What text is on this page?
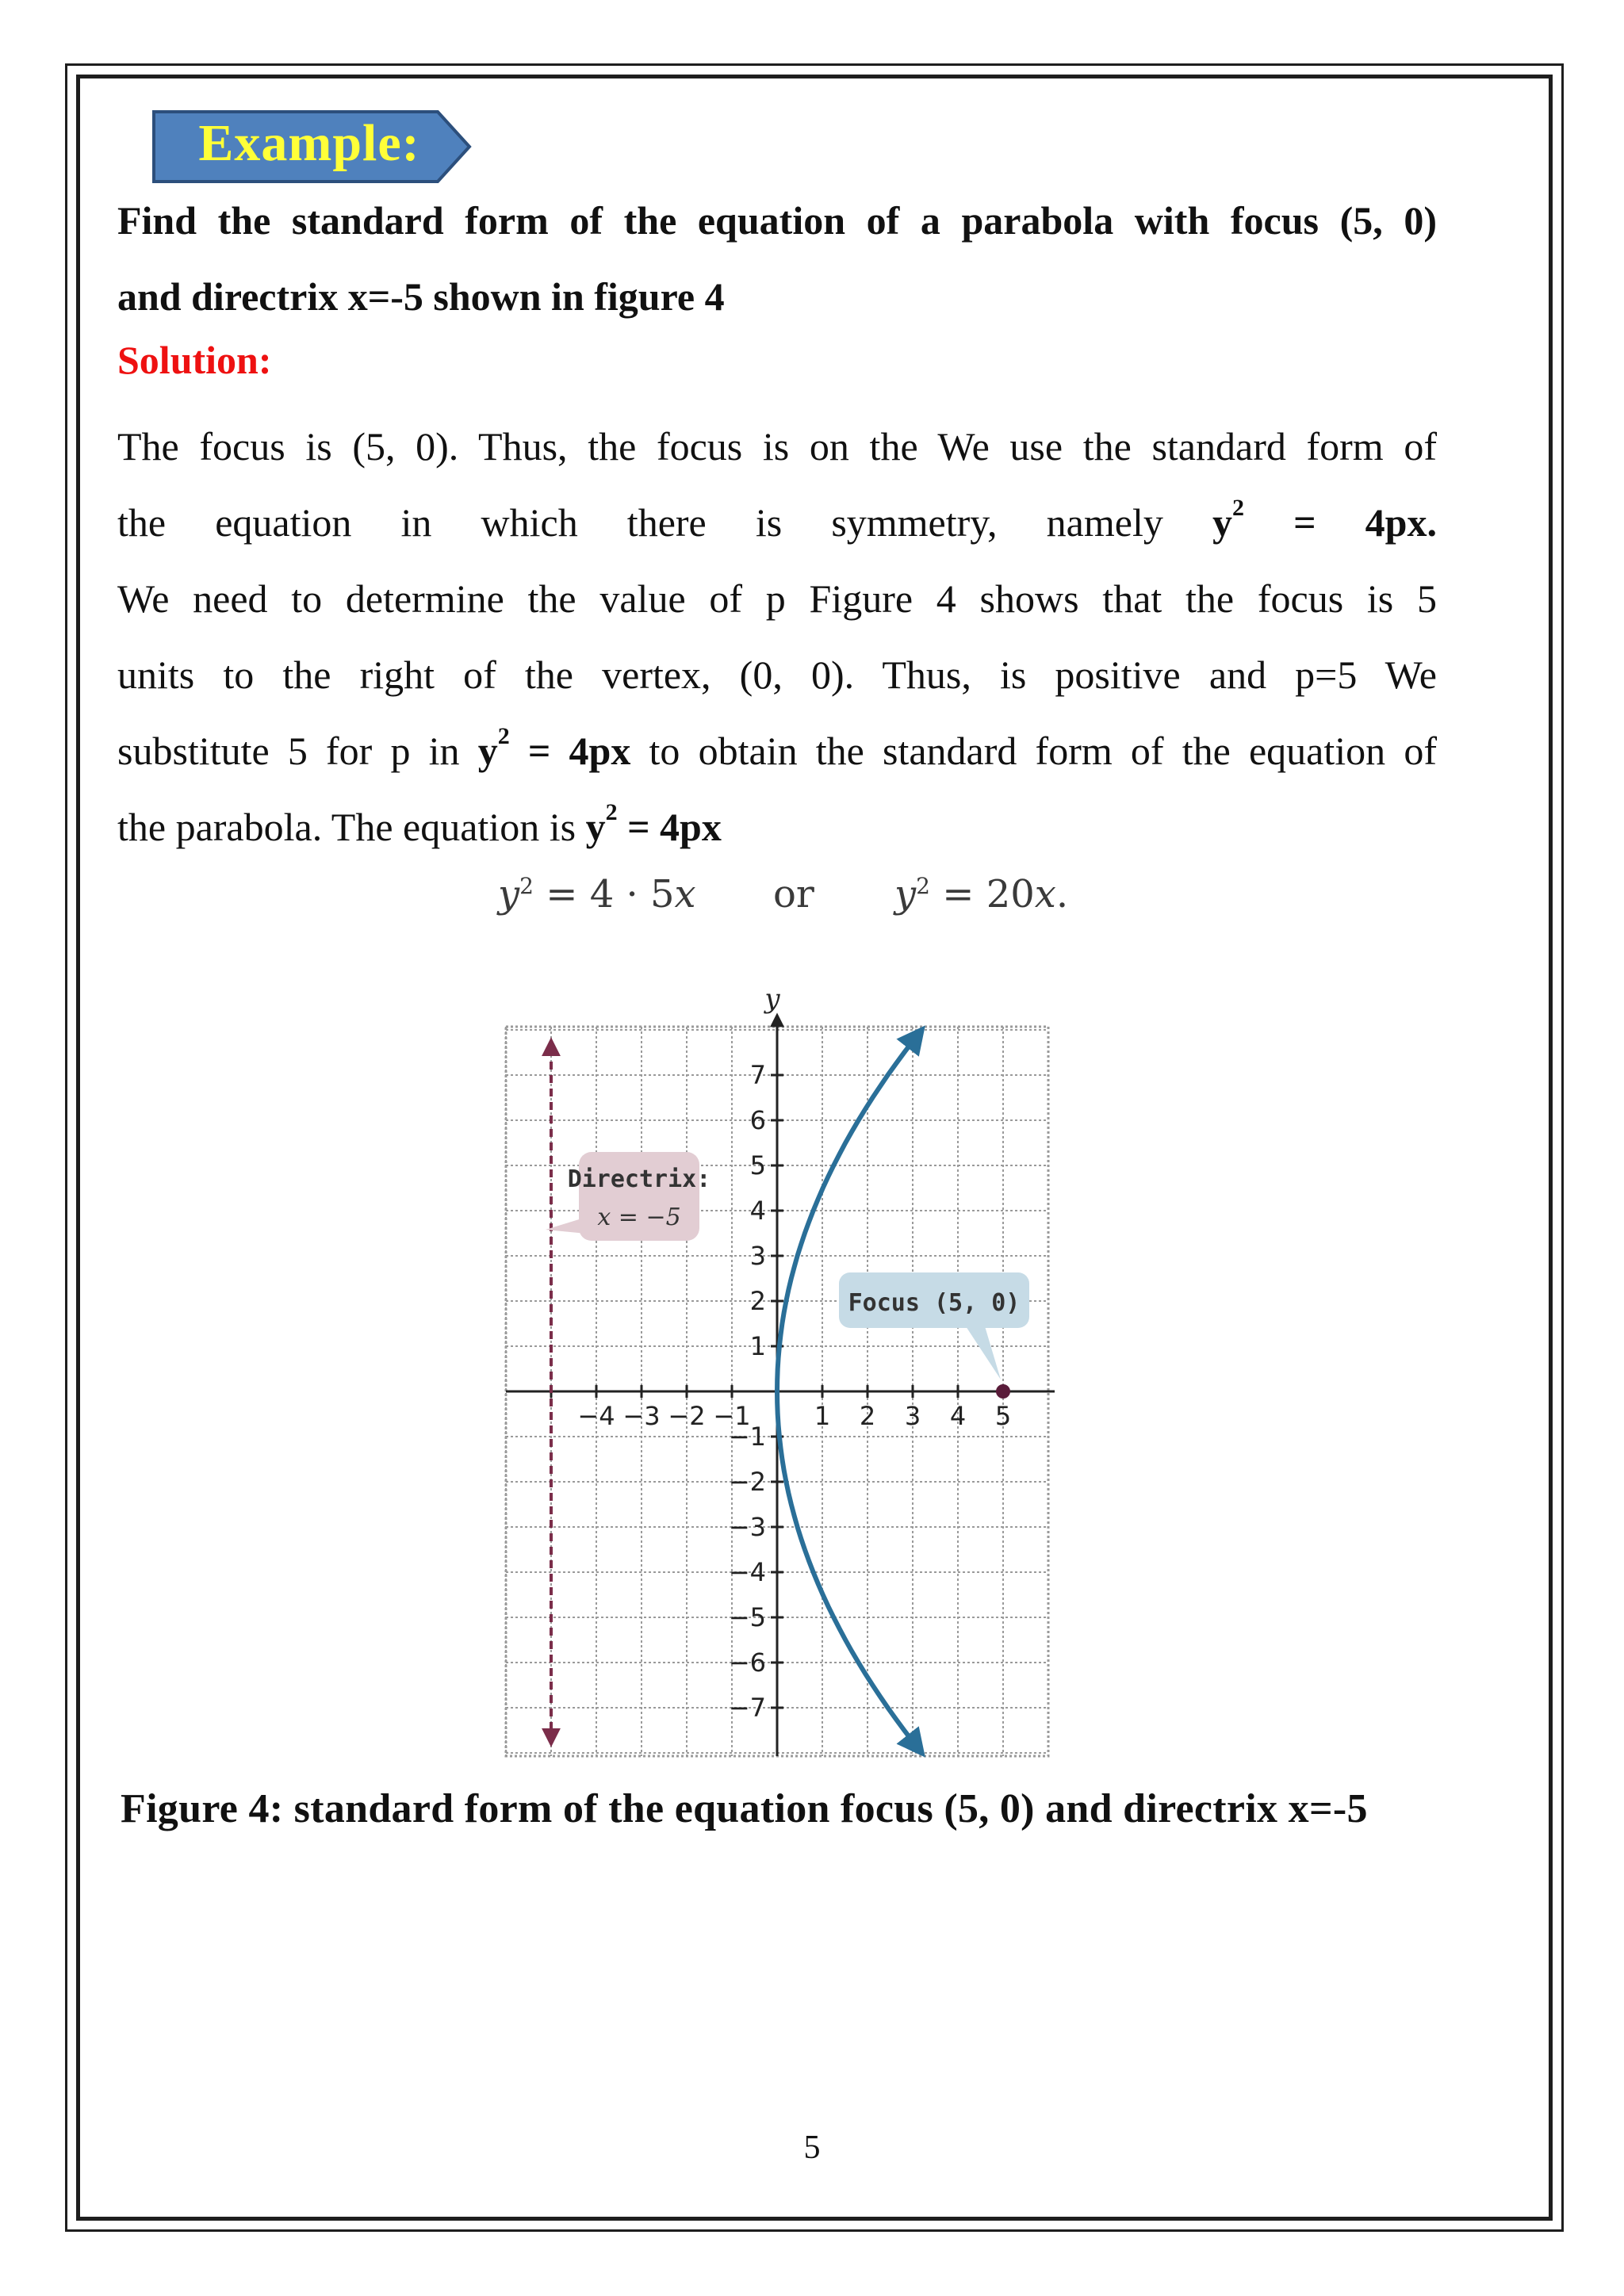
Example:
Find the standard form of the equation of a parabola with focus (5, 0)
and directrix x=-5 shown in figure 4
Solution:
The focus is (5, 0). Thus, the focus is on the We use the standard form of
the equation in which there is symmetry, namely $y^2 = 4px$.
We need to determine the value of p Figure 4 shows that the focus is 5
units to the right of the vertex, (0, 0). Thus, is positive and p=5 We
substitute 5 for p in $y^2 = 4px$ to obtain the standard form of the equation of
the parabola. The equation is $y^2 = 4px$
$y^2 = 4 \cdot 5x$ or $y^2 = 20x$.
y
−4 −3 −2 −1	1 2 3 4 5
7
6
5
4
3
2
1
−1
−2
−3
−4
−5
−6
−7
Directrix:
x = −5
Focus (5, 0)
Figure 4: standard form of the equation focus (5, 0) and directrix x=-5
5
